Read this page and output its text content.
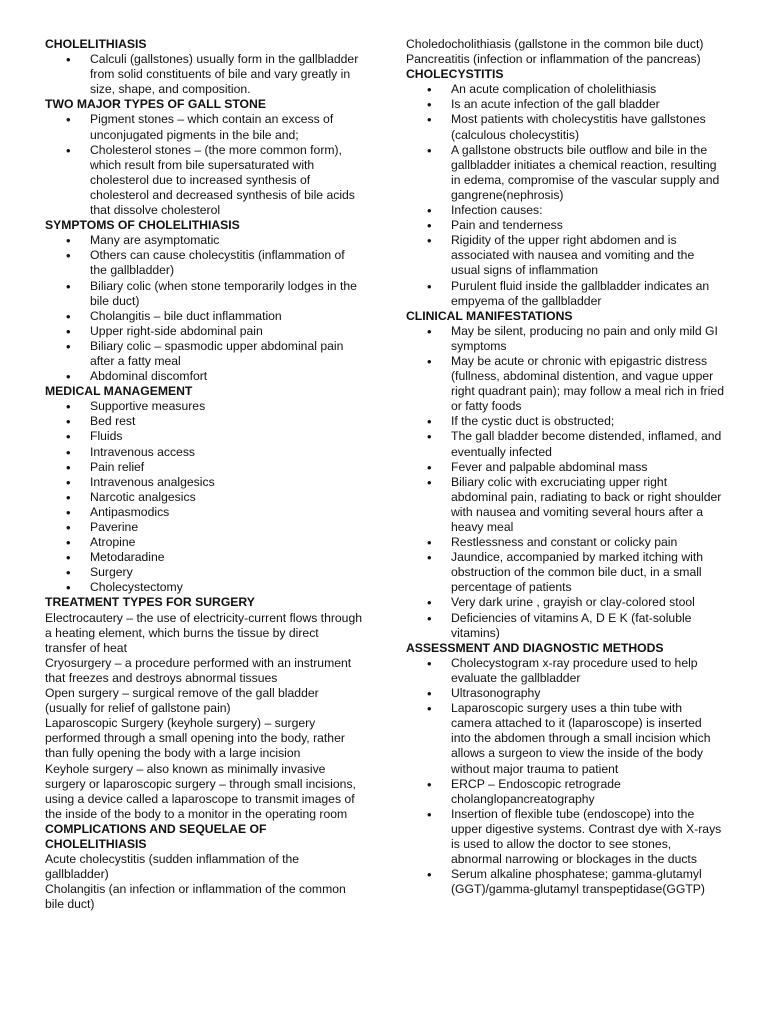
CHOLELITHIASIS
• Calculi (gallstones) usually form in the gallbladder from solid constituents of bile and vary greatly in size, shape, and composition.
TWO MAJOR TYPES OF GALL STONE
• Pigment stones – which contain an excess of unconjugated pigments in the bile and;
• Cholesterol stones – (the more common form), which result from bile supersaturated with cholesterol due to increased synthesis of cholesterol and decreased synthesis of bile acids that dissolve cholesterol
SYMPTOMS OF CHOLELITHIASIS
• Many are asymptomatic
• Others can cause cholecystitis (inflammation of the gallbladder)
• Biliary colic (when stone temporarily lodges in the bile duct)
• Cholangitis – bile duct inflammation
• Upper right-side abdominal pain
• Biliary colic – spasmodic upper abdominal pain after a fatty meal
• Abdominal discomfort
MEDICAL MANAGEMENT
• Supportive measures
• Bed rest
• Fluids
• Intravenous access
• Pain relief
• Intravenous analgesics
• Narcotic analgesics
• Antipasmodics
• Paverine
• Atropine
• Metodaradine
• Surgery
• Cholecystectomy
TREATMENT TYPES FOR SURGERY
Electrocautery – the use of electricity-current flows through a heating element, which burns the tissue by direct transfer of heat
Cryosurgery – a procedure performed with an instrument that freezes and destroys abnormal tissues
Open surgery – surgical remove of the gall bladder (usually for relief of gallstone pain)
Laparoscopic Surgery (keyhole surgery) – surgery performed through a small opening into the body, rather than fully opening the body with a large incision
Keyhole surgery – also known as minimally invasive surgery or laparoscopic surgery – through small incisions, using a device called a laparoscope to transmit images of the inside of the body to a monitor in the operating room
COMPLICATIONS AND SEQUELAE OF CHOLELITHIASIS
Acute cholecystitis (sudden inflammation of the gallbladder)
Cholangitis (an infection or inflammation of the common bile duct)
Choledocholithiasis (gallstone in the common bile duct)
Pancreatitis (infection or inflammation of the pancreas)
CHOLECYSTITIS
• An acute complication of cholelithiasis
• Is an acute infection of the gall bladder
• Most patients with cholecystitis have gallstones (calculous cholecystitis)
• A gallstone obstructs bile outflow and bile in the gallbladder initiates a chemical reaction, resulting in edema, compromise of the vascular supply and gangrene(nephrosis)
• Infection causes:
• Pain and tenderness
• Rigidity of the upper right abdomen and is associated with nausea and vomiting and the usual signs of inflammation
• Purulent fluid inside the gallbladder indicates an empyema of the gallbladder
CLINICAL MANIFESTATIONS
• May be silent, producing no pain and only mild GI symptoms
• May be acute or chronic with epigastric distress (fullness, abdominal distention, and vague upper right quadrant pain); may follow a meal rich in fried or fatty foods
• If the cystic duct is obstructed;
• The gall bladder become distended, inflamed, and eventually infected
• Fever and palpable abdominal mass
• Biliary colic with excruciating upper right abdominal pain, radiating to back or right shoulder with nausea and vomiting several hours after a heavy meal
• Restlessness and constant or colicky pain
• Jaundice, accompanied by marked itching with obstruction of the common bile duct, in a small percentage of patients
• Very dark urine , grayish or clay-colored stool
• Deficiencies of vitamins A, D E K (fat-soluble vitamins)
ASSESSMENT AND DIAGNOSTIC METHODS
• Cholecystogram x-ray procedure used to help evaluate the gallbladder
• Ultrasonography
• Laparoscopic surgery uses a thin tube with camera attached to it (laparoscope) is inserted into the abdomen through a small incision which allows a surgeon to view the inside of the body without major trauma to patient
• ERCP – Endoscopic retrograde cholanglopancreatography
• Insertion of flexible tube (endoscope) into the upper digestive systems. Contrast dye with X-rays is used to allow the doctor to see stones, abnormal narrowing or blockages in the ducts
• Serum alkaline phosphatese; gamma-glutamyl (GGT)/gamma-glutamyl transpeptidase(GGTP)
